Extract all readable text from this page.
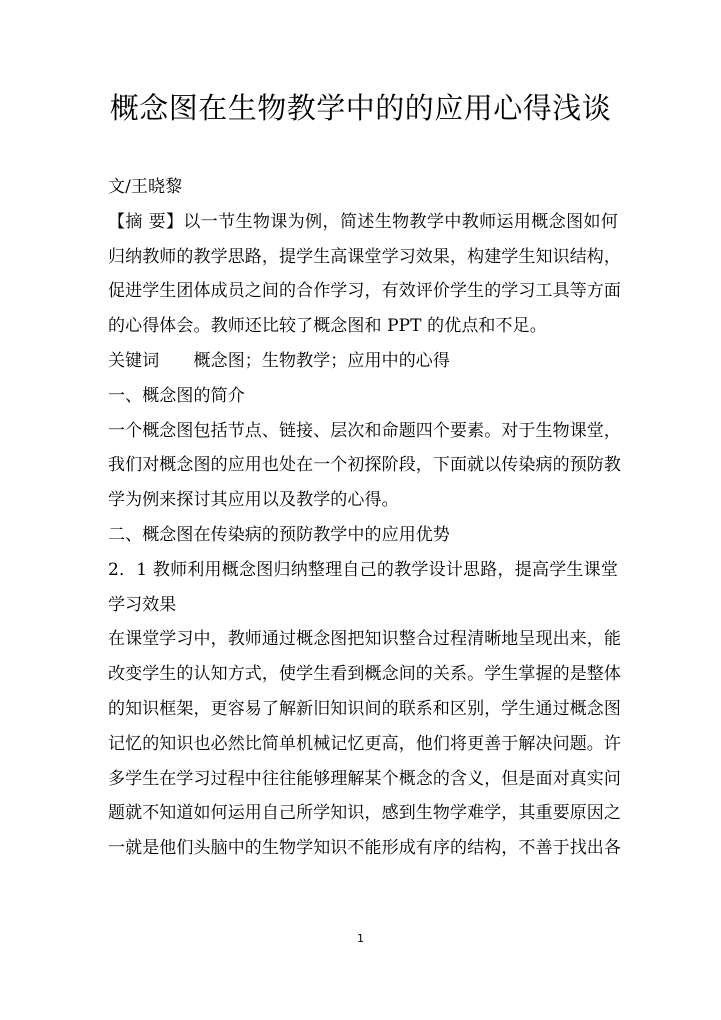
概念图在生物教学中的的应用心得浅谈
文/王晓黎
【摘 要】以一节生物课为例，简述生物教学中教师运用概念图如何
归纳教师的教学思路，提学生高课堂学习效果，构建学生知识结构，
促进学生团体成员之间的合作学习，有效评价学生的学习工具等方面
的心得体会。教师还比较了概念图和 PPT 的优点和不足。
关键词　　概念图；生物教学；应用中的心得
一、概念图的简介
一个概念图包括节点、链接、层次和命题四个要素。对于生物课堂，
我们对概念图的应用也处在一个初探阶段，下面就以传染病的预防教
学为例来探讨其应用以及教学的心得。
二、概念图在传染病的预防教学中的应用优势
2．1 教师利用概念图归纳整理自己的教学设计思路，提高学生课堂
学习效果
在课堂学习中，教师通过概念图把知识整合过程清晰地呈现出来，能
改变学生的认知方式，使学生看到概念间的关系。学生掌握的是整体
的知识框架，更容易了解新旧知识间的联系和区别，学生通过概念图
记忆的知识也必然比简单机械记忆更高，他们将更善于解决问题。许
多学生在学习过程中往往能够理解某个概念的含义，但是面对真实问
题就不知道如何运用自己所学知识，感到生物学难学，其重要原因之
一就是他们头脑中的生物学知识不能形成有序的结构，不善于找出各
1
